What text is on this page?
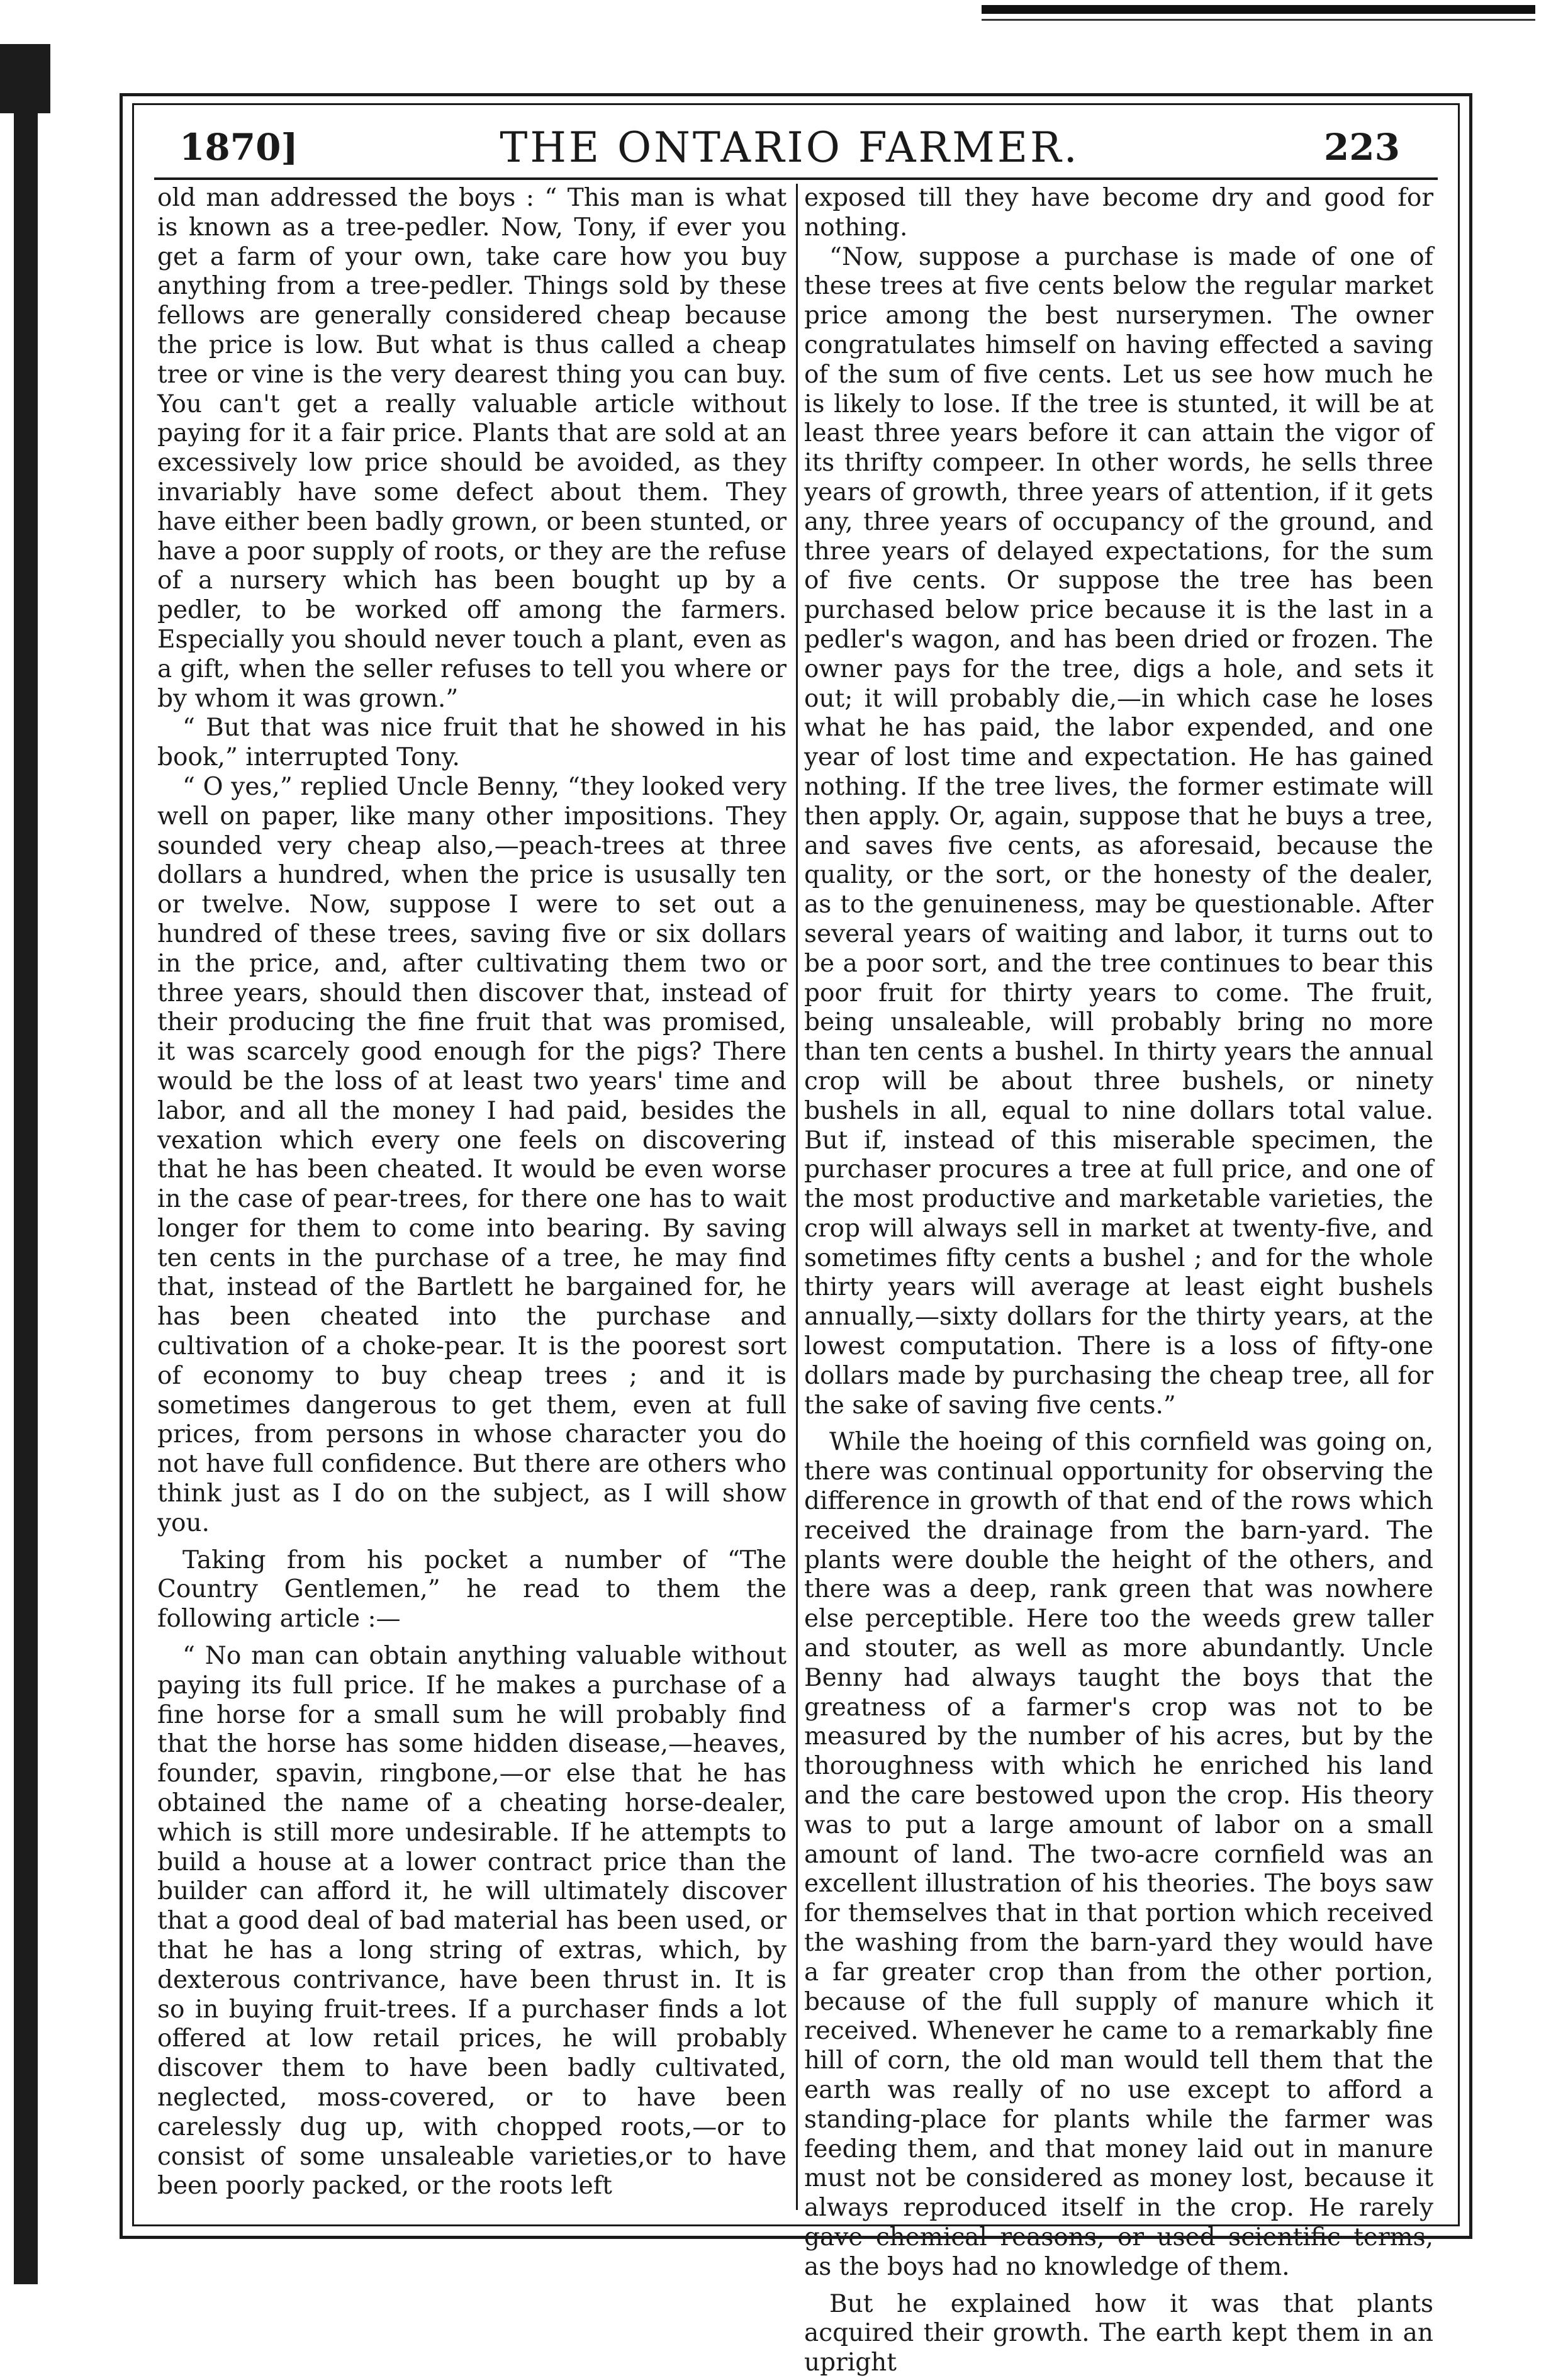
1870]	THE ONTARIO FARMER.	223

old man addressed the boys : “ This man is what is known as a tree-pedler. Now, Tony, if ever you get a farm of your own, take care how you buy anything from a tree-pedler. Things sold by these fellows are generally considered cheap because the price is low. But what is thus called a cheap tree or vine is the very dearest thing you can buy. You can't get a really valuable article without paying for it a fair price. Plants that are sold at an excessively low price should be avoided, as they invariably have some defect about them. They have either been badly grown, or been stunted, or have a poor supply of roots, or they are the refuse of a nursery which has been bought up by a pedler, to be worked off among the farmers. Especially you should never touch a plant, even as a gift, when the seller refuses to tell you where or by whom it was grown.”

“ But that was nice fruit that he showed in his book,” interrupted Tony.

“ O yes,” replied Uncle Benny, “they looked very well on paper, like many other impositions. They sounded very cheap also,—peach-trees at three dollars a hundred, when the price is ususally ten or twelve. Now, suppose I were to set out a hundred of these trees, saving five or six dollars in the price, and, after cultivating them two or three years, should then discover that, instead of their producing the fine fruit that was promised, it was scarcely good enough for the pigs? There would be the loss of at least two years' time and labor, and all the money I had paid, besides the vexation which every one feels on discovering that he has been cheated. It would be even worse in the case of pear-trees, for there one has to wait longer for them to come into bearing. By saving ten cents in the purchase of a tree, he may find that, instead of the Bartlett he bargained for, he has been cheated into the purchase and cultivation of a choke-pear. It is the poorest sort of economy to buy cheap trees ; and it is sometimes dangerous to get them, even at full prices, from persons in whose character you do not have full confidence. But there are others who think just as I do on the subject, as I will show you.

Taking from his pocket a number of “The Country Gentlemen,” he read to them the following article :—

“ No man can obtain anything valuable without paying its full price. If he makes a purchase of a fine horse for a small sum he will probably find that the horse has some hidden disease,—heaves, founder, spavin, ringbone,—or else that he has obtained the name of a cheating horse-dealer, which is still more undesirable. If he attempts to build a house at a lower contract price than the builder can afford it, he will ultimately discover that a good deal of bad material has been used, or that he has a long string of extras, which, by dexterous contrivance, have been thrust in. It is so in buying fruit-trees. If a purchaser finds a lot offered at low retail prices, he will probably discover them to have been badly cultivated, neglected, moss-covered, or to have been carelessly dug up, with chopped roots,—or to consist of some unsaleable varieties,or to have been poorly packed, or the roots left

exposed till they have become dry and good for nothing.

“Now, suppose a purchase is made of one of these trees at five cents below the regular market price among the best nurserymen. The owner congratulates himself on having effected a saving of the sum of five cents. Let us see how much he is likely to lose. If the tree is stunted, it will be at least three years before it can attain the vigor of its thrifty compeer. In other words, he sells three years of growth, three years of attention, if it gets any, three years of occupancy of the ground, and three years of delayed expectations, for the sum of five cents. Or suppose the tree has been purchased below price because it is the last in a pedler's wagon, and has been dried or frozen. The owner pays for the tree, digs a hole, and sets it out; it will probably die,—in which case he loses what he has paid, the labor expended, and one year of lost time and expectation. He has gained nothing. If the tree lives, the former estimate will then apply. Or, again, suppose that he buys a tree, and saves five cents, as aforesaid, because the quality, or the sort, or the honesty of the dealer, as to the genuineness, may be questionable. After several years of waiting and labor, it turns out to be a poor sort, and the tree continues to bear this poor fruit for thirty years to come. The fruit, being unsaleable, will probably bring no more than ten cents a bushel. In thirty years the annual crop will be about three bushels, or ninety bushels in all, equal to nine dollars total value. But if, instead of this miserable specimen, the purchaser procures a tree at full price, and one of the most productive and marketable varieties, the crop will always sell in market at twenty-five, and sometimes fifty cents a bushel ; and for the whole thirty years will average at least eight bushels annually,—sixty dollars for the thirty years, at the lowest computation. There is a loss of fifty-one dollars made by purchasing the cheap tree, all for the sake of saving five cents.”

While the hoeing of this cornfield was going on, there was continual opportunity for observing the difference in growth of that end of the rows which received the drainage from the barn-yard. The plants were double the height of the others, and there was a deep, rank green that was nowhere else perceptible. Here too the weeds grew taller and stouter, as well as more abundantly. Uncle Benny had always taught the boys that the greatness of a farmer's crop was not to be measured by the number of his acres, but by the thoroughness with which he enriched his land and the care bestowed upon the crop. His theory was to put a large amount of labor on a small amount of land. The two-acre cornfield was an excellent illustration of his theories. The boys saw for themselves that in that portion which received the washing from the barn-yard they would have a far greater crop than from the other portion, because of the full supply of manure which it received. Whenever he came to a remarkably fine hill of corn, the old man would tell them that the earth was really of no use except to afford a standing-place for plants while the farmer was feeding them, and that money laid out in manure must not be considered as money lost, because it always reproduced itself in the crop. He rarely gave chemical reasons, or used scientific terms, as the boys had no knowledge of them.

But he explained how it was that plants acquired their growth. The earth kept them in an upright
